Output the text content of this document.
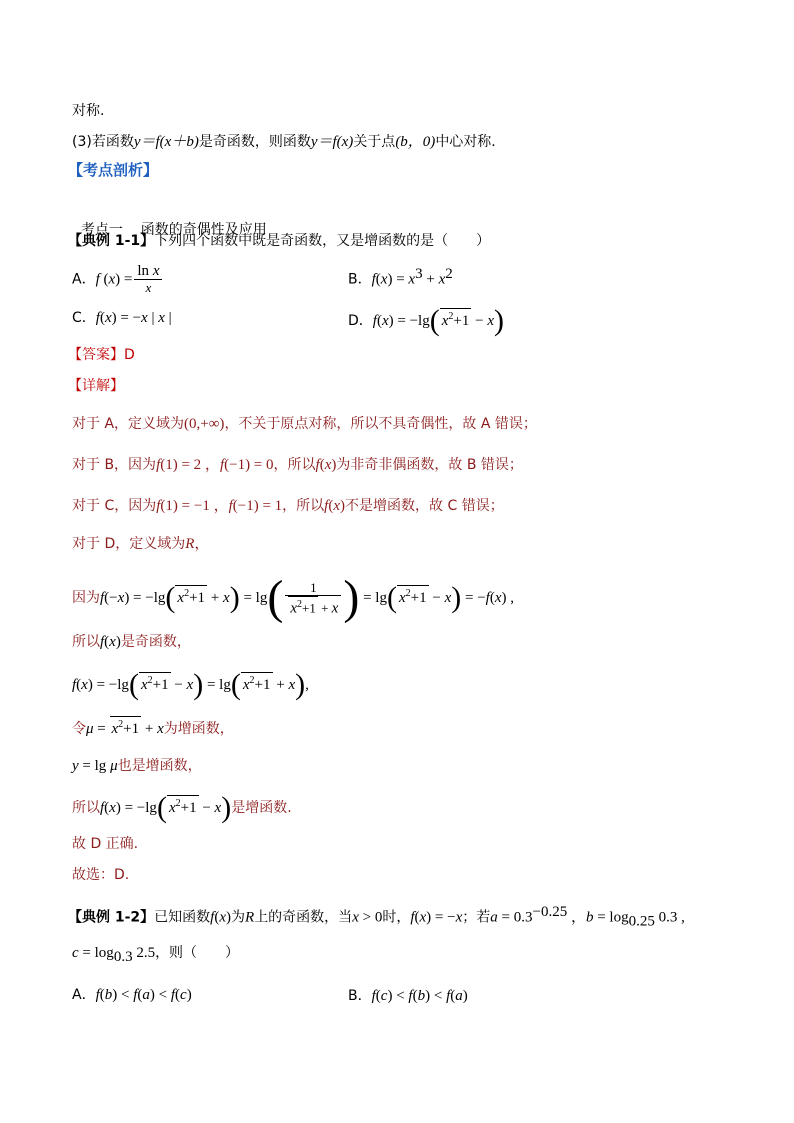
对称.
(3)若函数y＝f(x＋b)是奇函数，则函数y＝f(x)关于点(b，0)中心对称.
【考点剖析】

考点一    函数的奇偶性及应用

【典例 1-1】下列四个函数中既是奇函数，又是增函数的是（　　）
A．f $(x) = \frac{\text{ln x}}{x}$	B．$f(x) = x^3 + x^2$
C．f(x) = −x | x |	D．f(x) = −lg( $x^2+1 - x$)
【答案】D
【详解】
对于 A，定义域为(0,+∞)，不关于原点对称，所以不具奇偶性，故 A 错误；
对于 B，因为f(1) = 2 ，f(−1) = 0，所以f(x)为非奇非偶函数，故 B 错误；
对于 C，因为f(1) = −1 ，f(−1) = 1，所以f(x)不是增函数，故 C 错误；
对于 D，定义域为R，
因为f(−x) = −lg( $x^2+1 + x) = \lg( \frac{1}{x^2+1 + x}$ ) = lg( $x^2+1 - x) = -f(x)$ ,
所以f(x)是奇函数，
f(x) = −lg( $x^2+1 - x) = \lg$( $x^2+1 + x$),
令$\mu = x^2+1 + x$为增函数，
y = lg μ也是增函数，
所以f(x) = −lg( $x^2+1 - x$)是增函数.
故 D 正确.
故选：D.
【典例 1-2】已知函数f(x)为R上的奇函数，当x > 0时，f(x) = −x；若$a = 0.3^{-0.25}$ ，$b = \log_{0.25} 0.3$ ,
$c = \log_{0.3} 2.5$，则（　　）
A．f(b) < f(a) < f(c)	B．f(c) < f(b) < f(a)
